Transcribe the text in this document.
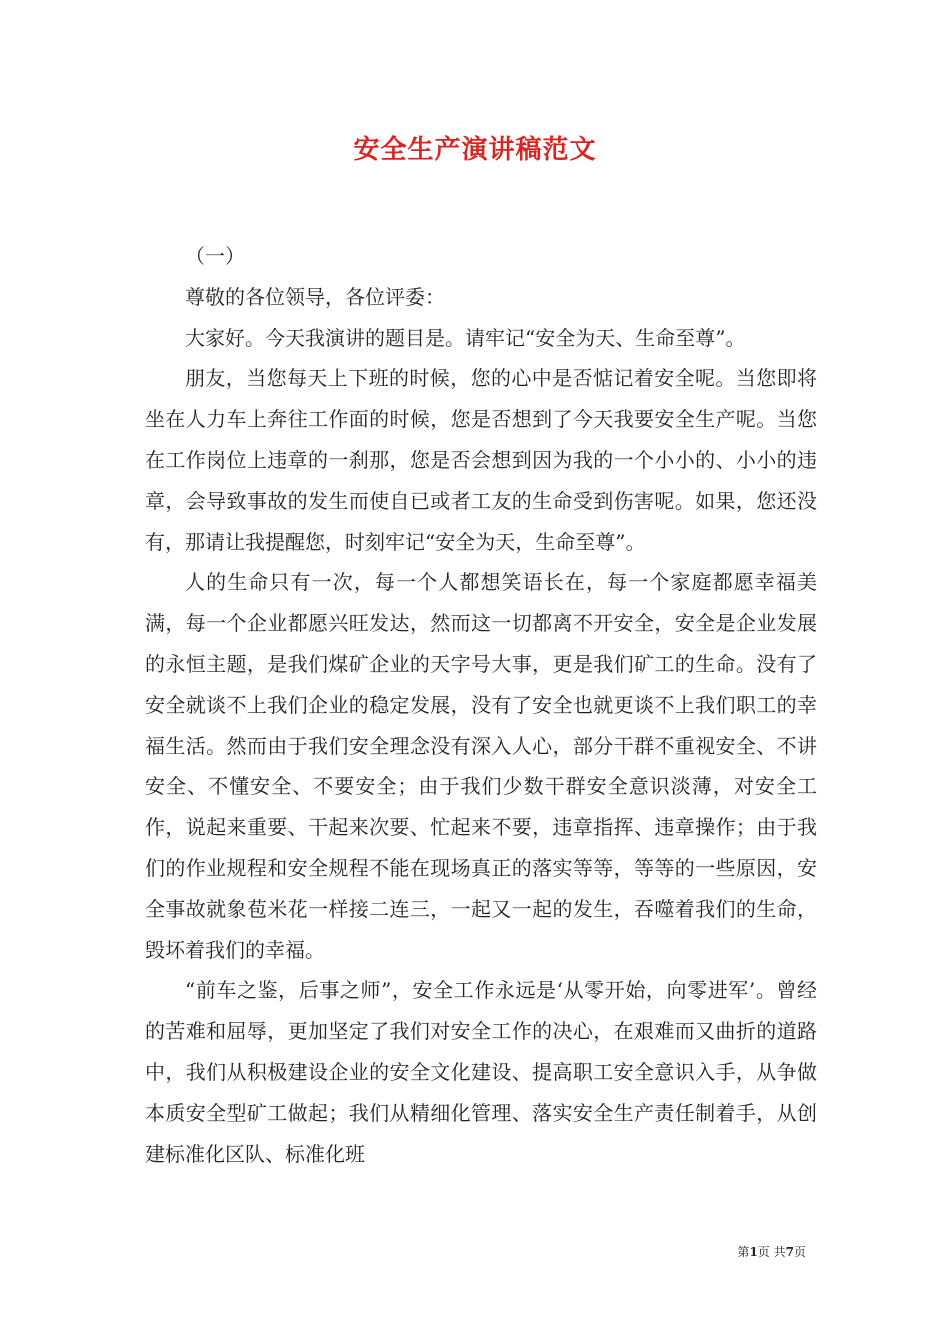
安全生产演讲稿范文

（一）

尊敬的各位领导，各位评委：

大家好。今天我演讲的题目是。请牢记“安全为天、生命至尊”。

朋友，当您每天上下班的时候，您的心中是否惦记着安全呢。当您即将坐在人力车上奔往工作面的时候，您是否想到了今天我要安全生产呢。当您在工作岗位上违章的一刹那，您是否会想到因为我的一个小小的、小小的违章，会导致事故的发生而使自已或者工友的生命受到伤害呢。如果，您还没有，那请让我提醒您，时刻牢记“安全为天，生命至尊”。

人的生命只有一次，每一个人都想笑语长在，每一个家庭都愿幸福美满，每一个企业都愿兴旺发达，然而这一切都离不开安全，安全是企业发展的永恒主题，是我们煤矿企业的天字号大事，更是我们矿工的生命。没有了安全就谈不上我们企业的稳定发展，没有了安全也就更谈不上我们职工的幸福生活。然而由于我们安全理念没有深入人心，部分干群不重视安全、不讲安全、不懂安全、不要安全；由于我们少数干群安全意识淡薄，对安全工作，说起来重要、干起来次要、忙起来不要，违章指挥、违章操作；由于我们的作业规程和安全规程不能在现场真正的落实等等，等等的一些原因，安全事故就象苞米花一样接二连三，一起又一起的发生，吞噬着我们的生命，毁坏着我们的幸福。

“前车之鉴，后事之师”，安全工作永远是‘从零开始，向零进军’。曾经的苦难和屈辱，更加坚定了我们对安全工作的决心，在艰难而又曲折的道路中，我们从积极建设企业的安全文化建设、提高职工安全意识入手，从争做本质安全型矿工做起；我们从精细化管理、落实安全生产责任制着手，从创建标准化区队、标准化班

第1页 共7页
